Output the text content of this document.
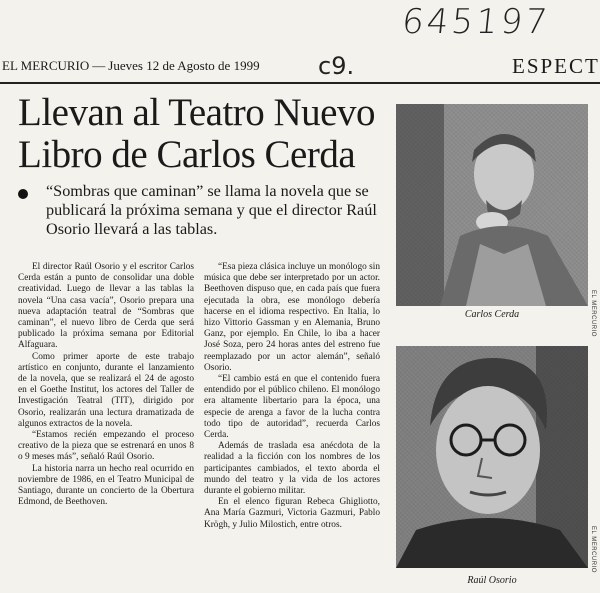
645197
EL MERCURIO — Jueves 12 de Agosto de 1999 c9.	ESPECT
Llevan al Teatro Nuevo
Libro de Carlos Cerda
“Sombras que caminan” se llama la novela que se publicará la próxima semana y que el director Raúl Osorio llevará a las tablas.

El director Raúl Osorio y el escritor Carlos Cerda están a punto de consolidar una doble creatividad. Luego de llevar a las tablas la novela “Una casa vacía”, Osorio prepara una nueva adaptación teatral de “Sombras que caminan”, el nuevo libro de Cerda que será publicado la próxima semana por Editorial Alfaguara.

Como primer aporte de este trabajo artístico en conjunto, durante el lanzamiento de la novela, que se realizará el 24 de agosto en el Goethe Institut, los actores del Taller de Investigación Teatral (TIT), dirigido por Osorio, realizarán una lectura dramatizada de algunos extractos de la novela.

“Estamos recién empezando el proceso creativo de la pieza que se estrenará en unos 8 o 9 meses más”, señaló Raúl Osorio.

La historia narra un hecho real ocurrido en noviembre de 1986, en el Teatro Municipal de Santiago, durante un concierto de la Obertura Edmond, de Beethoven.

“Esa pieza clásica incluye un monólogo sin música que debe ser interpretado por un actor. Beethoven dispuso que, en cada país que fuera ejecutada la obra, ese monólogo debería hacerse en el idioma respectivo. En Italia, lo hizo Vittorio Gassman y en Alemania, Bruno Ganz, por ejemplo. En Chile, lo iba a hacer José Soza, pero 24 horas antes del estreno fue reemplazado por un actor alemán”, señaló Osorio.

“El cambio está en que el contenido fuera entendido por el público chileno. El monólogo era altamente libertario para la época, una especie de arenga a favor de la lucha contra todo tipo de autoridad”, recuerda Carlos Cerda.

Además de traslada esa anécdota de la realidad a la ficción con los nombres de los participantes cambiados, el texto aborda el mundo del teatro y la vida de los actores durante el gobierno militar.

En el elenco figuran Rebeca Ghigliotto, Ana María Gazmuri, Victoria Gazmuri, Pablo Krögh, y Julio Milostich, entre otros.

Carlos Cerda	EL MERCURIO
Raúl Osorio
EL MERCURIO
